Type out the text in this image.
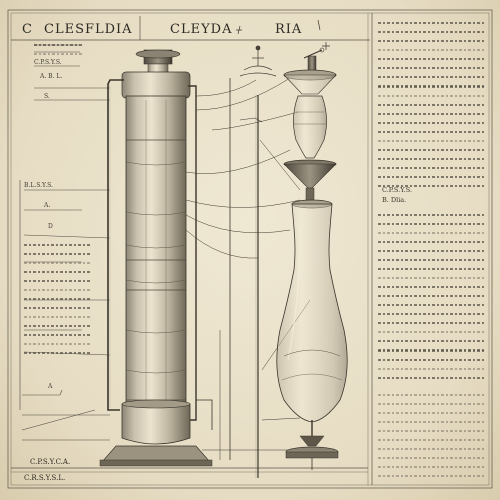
C CLESFLDIA	CLEYDA	RIA
C.P.S.Y.S.
A. B. L.
S.
B.L.S.Y.S.
A.
D
A
C.P.S.Y.C.A.
C.R.S.Y.S.L.
C.P.S.Y.S.
B. Dlia.
